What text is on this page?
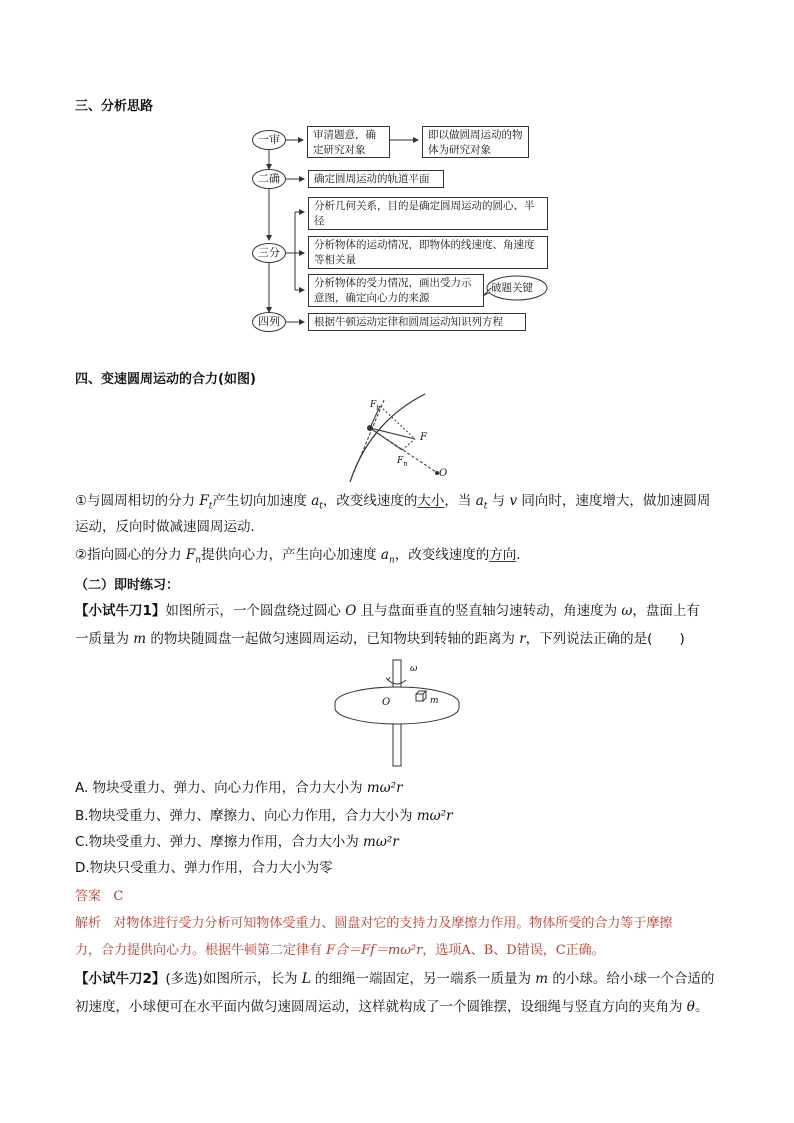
三、分析思路
一审	审清题意，确定研究对象
即以做圆周运动的物体为研究对象
二确	确定圆周运动的轨道平面
三分
分析几何关系，目的是确定圆周运动的圆心、半径
分析物体的运动情况，即物体的线速度、角速度等相关量
分析物体的受力情况，画出受力示意图，确定向心力的来源
破题关键
四列	根据牛顿运动定律和圆周运动知识列方程
四、变速圆周运动的合力(如图)
$F_t$
F
$F_n$
O
①与圆周相切的分力 $F_t$产生切向加速度 $a_t$，改变线速度的大小，当 $a_t$ 与 v 同向时，速度增大，做加速圆周
运动，反向时做减速圆周运动．
②指向圆心的分力 $F_n$提供向心力，产生向心加速度 $a_n$，改变线速度的方向．
（二）即时练习：
【小试牛刀1】如图所示，一个圆盘绕过圆心 O 且与盘面垂直的竖直轴匀速转动，角速度为 ω，盘面上有
一质量为 m 的物块随圆盘一起做匀速圆周运动，已知物块到转轴的距离为 r，下列说法正确的是(　　)
ω
O	m
A. 物块受重力、弹力、向心力作用，合力大小为 mω²r
B.物块受重力、弹力、摩擦力、向心力作用，合力大小为 mω²r
C.物块受重力、弹力、摩擦力作用，合力大小为 mω²r
D.物块只受重力、弹力作用，合力大小为零
答案 C
解析 对物体进行受力分析可知物体受重力、圆盘对它的支持力及摩擦力作用。物体所受的合力等于摩擦
力，合力提供向心力。根据牛顿第二定律有 F合＝Ff＝mω²r，选项A、B、D错误，C正确。
【小试牛刀2】(多选)如图所示，长为 L 的细绳一端固定，另一端系一质量为 m 的小球。给小球一个合适的
初速度，小球便可在水平面内做匀速圆周运动，这样就构成了一个圆锥摆，设细绳与竖直方向的夹角为 θ。
